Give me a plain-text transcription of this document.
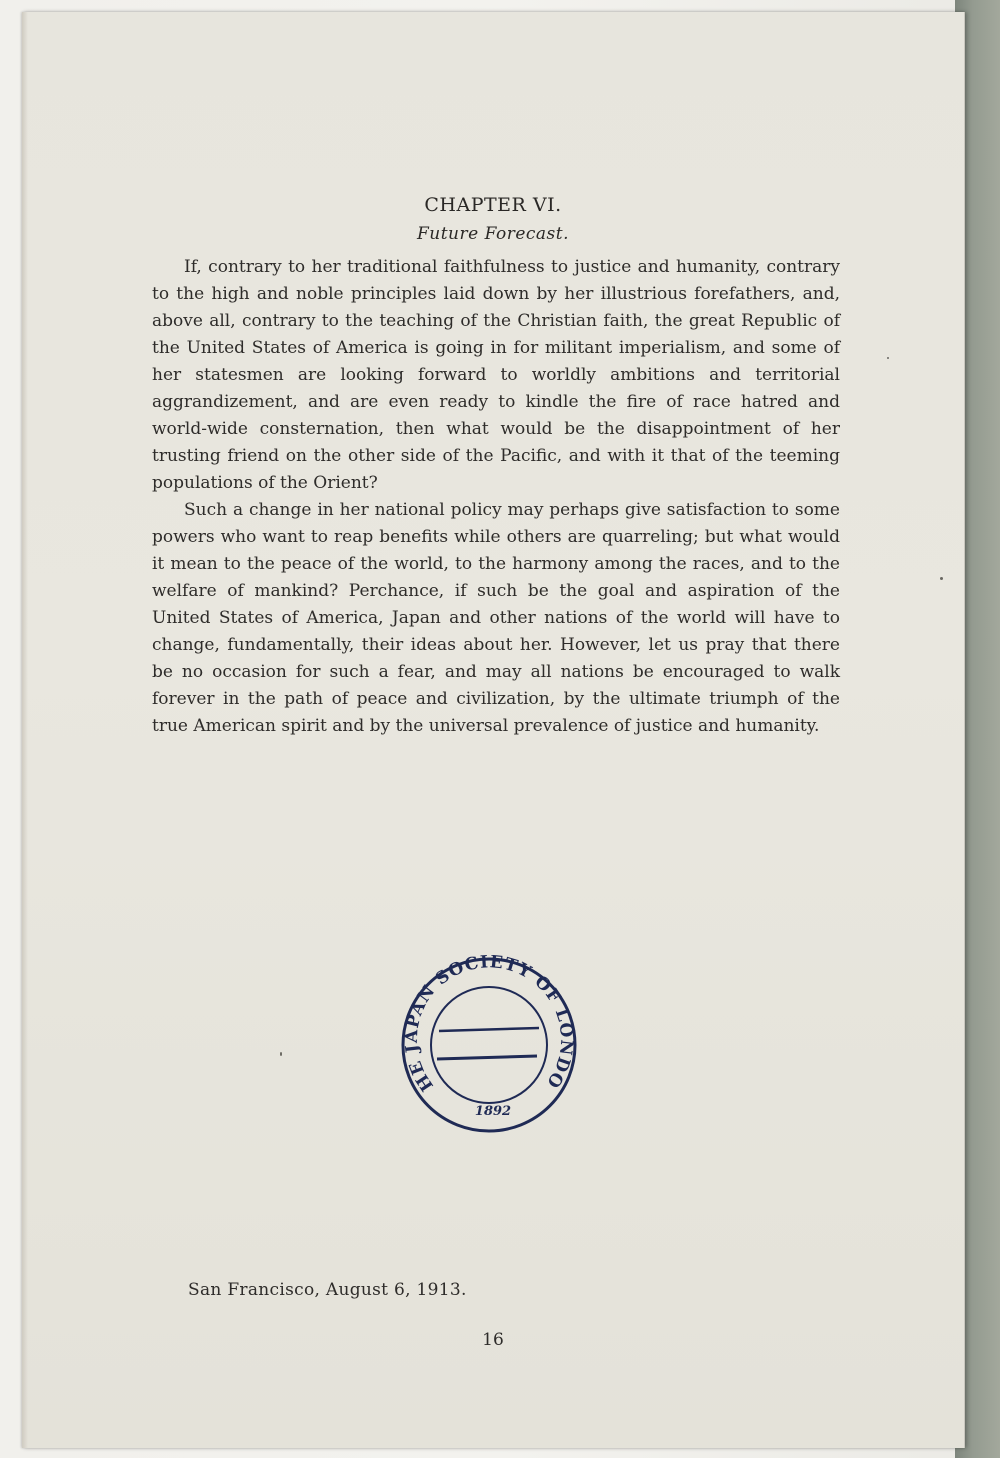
CHAPTER VI.
Future Forecast.

If, contrary to her traditional faithfulness to justice and humanity, contrary to the high and noble principles laid down by her illustrious forefathers, and, above all, contrary to the teaching of the Christian faith, the great Republic of the United States of America is going in for militant imperialism, and some of her statesmen are looking forward to worldly ambitions and territorial aggrandizement, and are even ready to kindle the fire of race hatred and world-wide consternation, then what would be the disappointment of her trusting friend on the other side of the Pacific, and with it that of the teeming populations of the Orient?

Such a change in her national policy may perhaps give satisfaction to some powers who want to reap benefits while others are quarreling; but what would it mean to the peace of the world, to the harmony among the races, and to the welfare of mankind? Perchance, if such be the goal and aspiration of the United States of America, Japan and other nations of the world will have to change, fundamentally, their ideas about her. However, let us pray that there be no occasion for such a fear, and may all nations be encouraged to walk forever in the path of peace and civilization, by the ultimate triumph of the true American spirit and by the universal prevalence of justice and humanity.

HE JAPAN SOCIETY OF LONDO
1892
San Francisco, August 6, 1913.
16
